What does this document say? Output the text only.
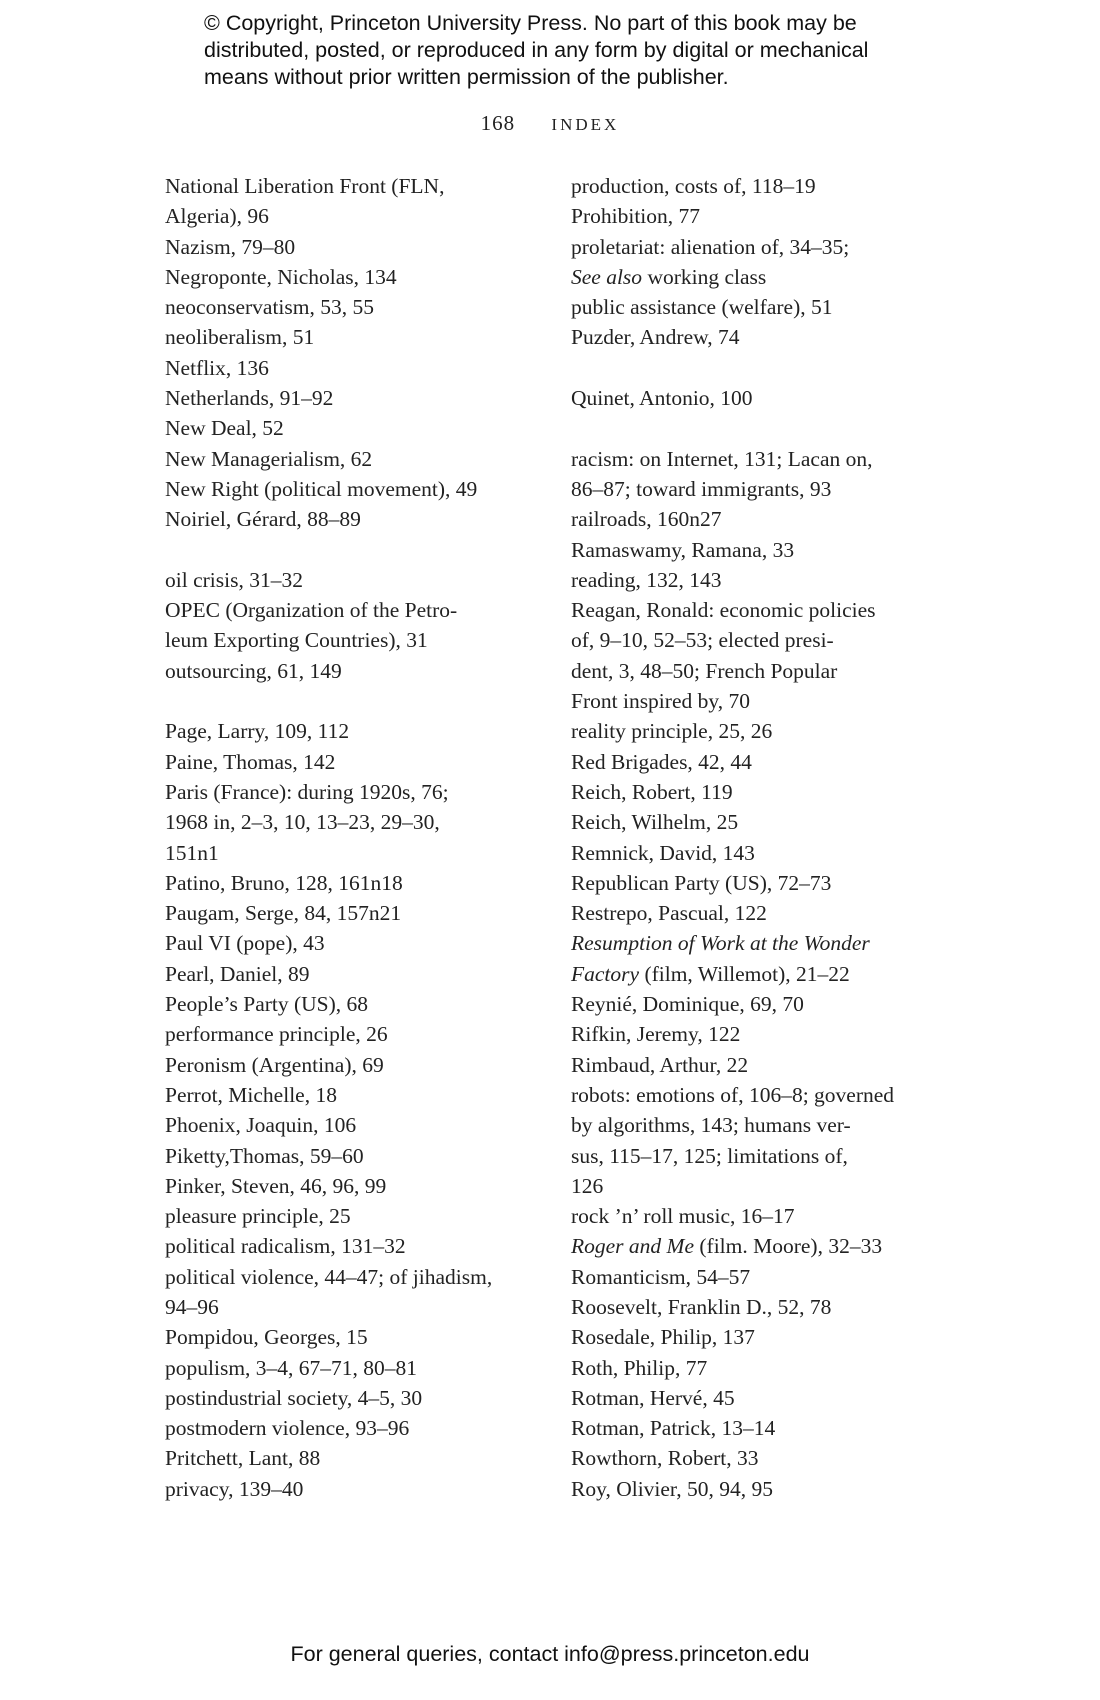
© Copyright, Princeton University Press. No part of this book may be
distributed, posted, or reproduced in any form by digital or mechanical
means without prior written permission of the publisher.
168 INDEX
National Liberation Front (FLN,
Algeria), 96
Nazism, 79–80
Negroponte, Nicholas, 134
neoconservatism, 53, 55
neoliberalism, 51
Netflix, 136
Netherlands, 91–92
New Deal, 52
New Managerialism, 62
New Right (political movement), 49
Noiriel, Gérard, 88–89
oil crisis, 31–32
OPEC (Organization of the Petro-
leum Exporting Countries), 31
outsourcing, 61, 149
Page, Larry, 109, 112
Paine, Thomas, 142
Paris (France): during 1920s, 76;
1968 in, 2–3, 10, 13–23, 29–30,
151n1
Patino, Bruno, 128, 161n18
Paugam, Serge, 84, 157n21
Paul VI (pope), 43
Pearl, Daniel, 89
People’s Party (US), 68
performance principle, 26
Peronism (Argentina), 69
Perrot, Michelle, 18
Phoenix, Joaquin, 106
Piketty,Thomas, 59–60
Pinker, Steven, 46, 96, 99
pleasure principle, 25
political radicalism, 131–32
political violence, 44–47; of jihadism,
94–96
Pompidou, Georges, 15
populism, 3–4, 67–71, 80–81
postindustrial society, 4–5, 30
postmodern violence, 93–96
Pritchett, Lant, 88
privacy, 139–40
production, costs of, 118–19
Prohibition, 77
proletariat: alienation of, 34–35;
See also working class
public assistance (welfare), 51
Puzder, Andrew, 74
Quinet, Antonio, 100
racism: on Internet, 131; Lacan on,
86–87; toward immigrants, 93
railroads, 160n27
Ramaswamy, Ramana, 33
reading, 132, 143
Reagan, Ronald: economic policies
of, 9–10, 52–53; elected presi-
dent, 3, 48–50; French Popular
Front inspired by, 70
reality principle, 25, 26
Red Brigades, 42, 44
Reich, Robert, 119
Reich, Wilhelm, 25
Remnick, David, 143
Republican Party (US), 72–73
Restrepo, Pascual, 122
Resumption of Work at the Wonder
Factory (film, Willemot), 21–22
Reynié, Dominique, 69, 70
Rifkin, Jeremy, 122
Rimbaud, Arthur, 22
robots: emotions of, 106–8; governed
by algorithms, 143; humans ver-
sus, 115–17, 125; limitations of,
126
rock ’n’ roll music, 16–17
Roger and Me (film. Moore), 32–33
Romanticism, 54–57
Roosevelt, Franklin D., 52, 78
Rosedale, Philip, 137
Roth, Philip, 77
Rotman, Hervé, 45
Rotman, Patrick, 13–14
Rowthorn, Robert, 33
Roy, Olivier, 50, 94, 95
For general queries, contact info@press.princeton.edu
